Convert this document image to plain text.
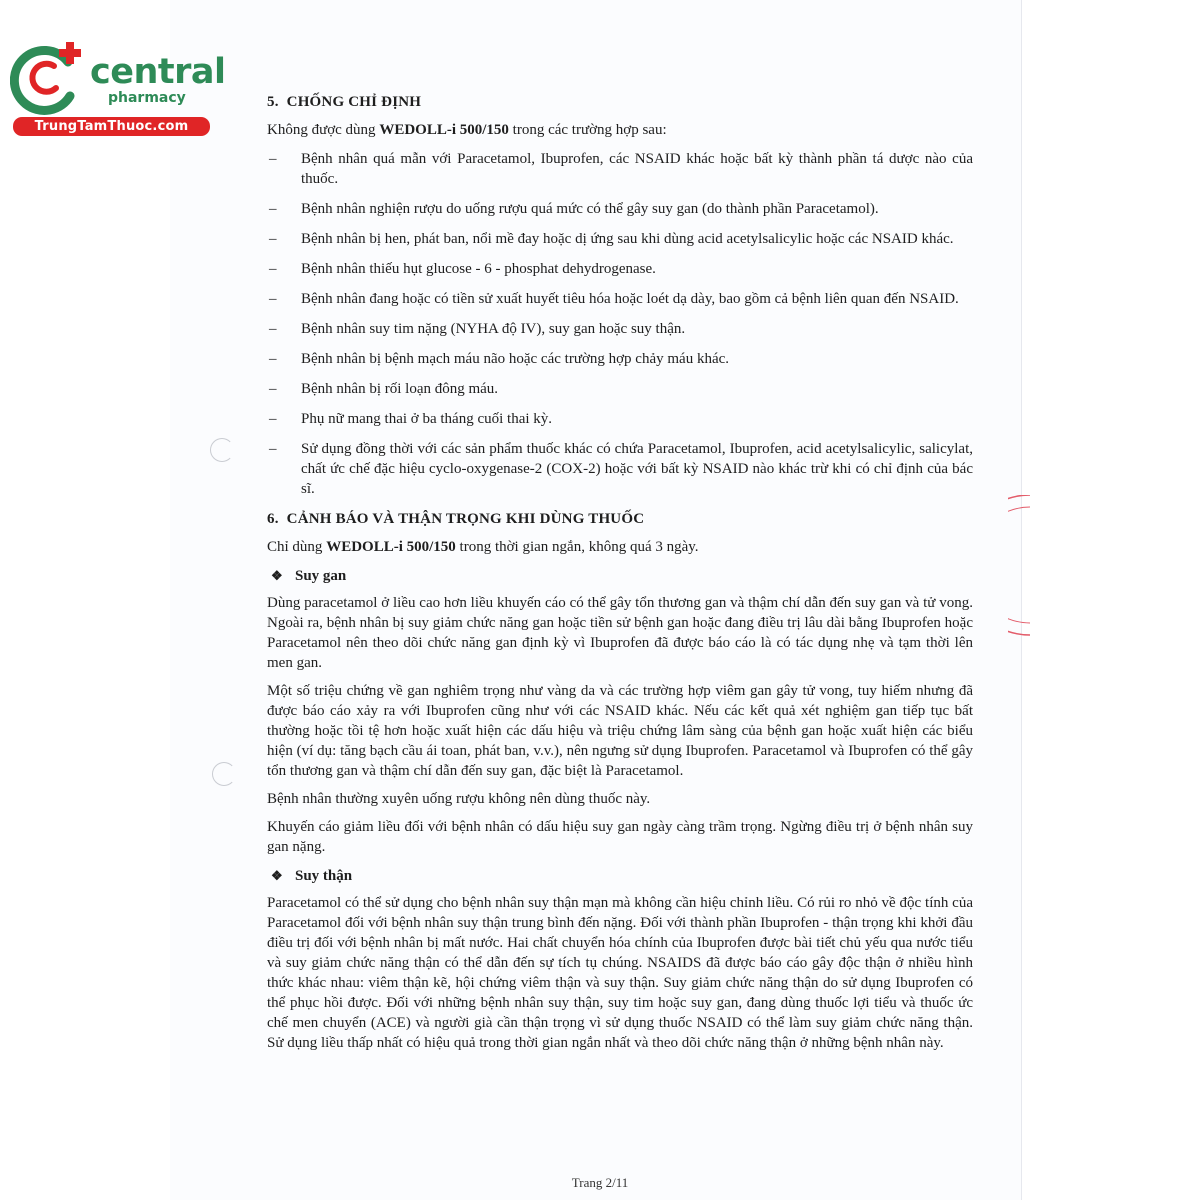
central
pharmacy
TrungTamThuoc.com
5. CHỐNG CHỈ ĐỊNH

Không được dùng WEDOLL-i 500/150 trong các trường hợp sau:

– Bệnh nhân quá mẫn với Paracetamol, Ibuprofen, các NSAID khác hoặc bất kỳ thành phần tá dược nào của thuốc.
– Bệnh nhân nghiện rượu do uống rượu quá mức có thể gây suy gan (do thành phần Paracetamol).
– Bệnh nhân bị hen, phát ban, nổi mề đay hoặc dị ứng sau khi dùng acid acetylsalicylic hoặc các NSAID khác.
– Bệnh nhân thiếu hụt glucose - 6 - phosphat dehydrogenase.
– Bệnh nhân đang hoặc có tiền sử xuất huyết tiêu hóa hoặc loét dạ dày, bao gồm cả bệnh liên quan đến NSAID.
– Bệnh nhân suy tim nặng (NYHA độ IV), suy gan hoặc suy thận.
– Bệnh nhân bị bệnh mạch máu não hoặc các trường hợp chảy máu khác.
– Bệnh nhân bị rối loạn đông máu.
– Phụ nữ mang thai ở ba tháng cuối thai kỳ.
– Sử dụng đồng thời với các sản phẩm thuốc khác có chứa Paracetamol, Ibuprofen, acid acetylsalicylic, salicylat, chất ức chế đặc hiệu cyclo-oxygenase-2 (COX-2) hoặc với bất kỳ NSAID nào khác trừ khi có chỉ định của bác sĩ.
6. CẢNH BÁO VÀ THẬN TRỌNG KHI DÙNG THUỐC

Chỉ dùng WEDOLL-i 500/150 trong thời gian ngắn, không quá 3 ngày.

❖ Suy gan

Dùng paracetamol ở liều cao hơn liều khuyến cáo có thể gây tổn thương gan và thậm chí dẫn đến suy gan và tử vong. Ngoài ra, bệnh nhân bị suy giảm chức năng gan hoặc tiền sử bệnh gan hoặc đang điều trị lâu dài bằng Ibuprofen hoặc Paracetamol nên theo dõi chức năng gan định kỳ vì Ibuprofen đã được báo cáo là có tác dụng nhẹ và tạm thời lên men gan.

Một số triệu chứng về gan nghiêm trọng như vàng da và các trường hợp viêm gan gây tử vong, tuy hiếm nhưng đã được báo cáo xảy ra với Ibuprofen cũng như với các NSAID khác. Nếu các kết quả xét nghiệm gan tiếp tục bất thường hoặc tồi tệ hơn hoặc xuất hiện các dấu hiệu và triệu chứng lâm sàng của bệnh gan hoặc xuất hiện các biểu hiện (ví dụ: tăng bạch cầu ái toan, phát ban, v.v.), nên ngưng sử dụng Ibuprofen. Paracetamol và Ibuprofen có thể gây tổn thương gan và thậm chí dẫn đến suy gan, đặc biệt là Paracetamol.

Bệnh nhân thường xuyên uống rượu không nên dùng thuốc này.

Khuyến cáo giảm liều đối với bệnh nhân có dấu hiệu suy gan ngày càng trầm trọng. Ngừng điều trị ở bệnh nhân suy gan nặng.

❖ Suy thận

Paracetamol có thể sử dụng cho bệnh nhân suy thận mạn mà không cần hiệu chỉnh liều. Có rủi ro nhỏ về độc tính của Paracetamol đối với bệnh nhân suy thận trung bình đến nặng. Đối với thành phần Ibuprofen - thận trọng khi khởi đầu điều trị đối với bệnh nhân bị mất nước. Hai chất chuyển hóa chính của Ibuprofen được bài tiết chủ yếu qua nước tiểu và suy giảm chức năng thận có thể dẫn đến sự tích tụ chúng. NSAIDS đã được báo cáo gây độc thận ở nhiều hình thức khác nhau: viêm thận kẽ, hội chứng viêm thận và suy thận. Suy giảm chức năng thận do sử dụng Ibuprofen có thể phục hồi được. Đối với những bệnh nhân suy thận, suy tim hoặc suy gan, đang dùng thuốc lợi tiểu và thuốc ức chế men chuyển (ACE) và người già cần thận trọng vì sử dụng thuốc NSAID có thể làm suy giảm chức năng thận. Sử dụng liều thấp nhất có hiệu quả trong thời gian ngắn nhất và theo dõi chức năng thận ở những bệnh nhân này.

Trang 2/11
